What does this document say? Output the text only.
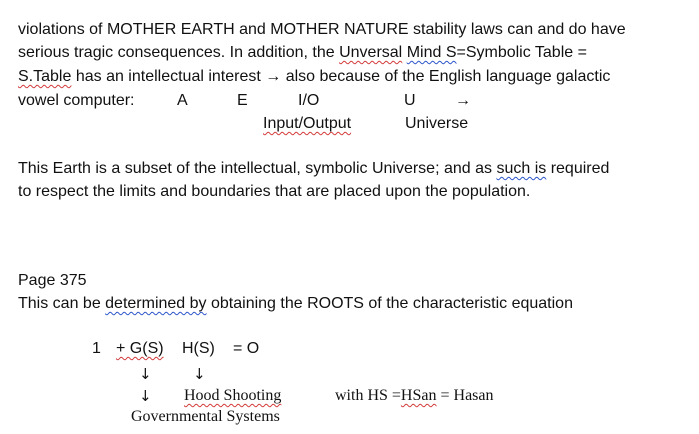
violations of MOTHER EARTH and MOTHER NATURE stability laws can and do have
serious tragic consequences. In addition, the Unversal Mind S=Symbolic Table =
S.Table has an intellectual interest → also because of the English language galactic
vowel computer:	A	E	I/O	U →
Input/Output	Universe
This Earth is a subset of the intellectual, symbolic Universe; and as such is required
to respect the limits and boundaries that are placed upon the population.
Page 375
This can be determined by obtaining the ROOTS of the characteristic equation
1 + G(S) H(S) = O
↓	↓
↓ Hood Shooting	with HS =HSan = Hasan
Governmental Systems
